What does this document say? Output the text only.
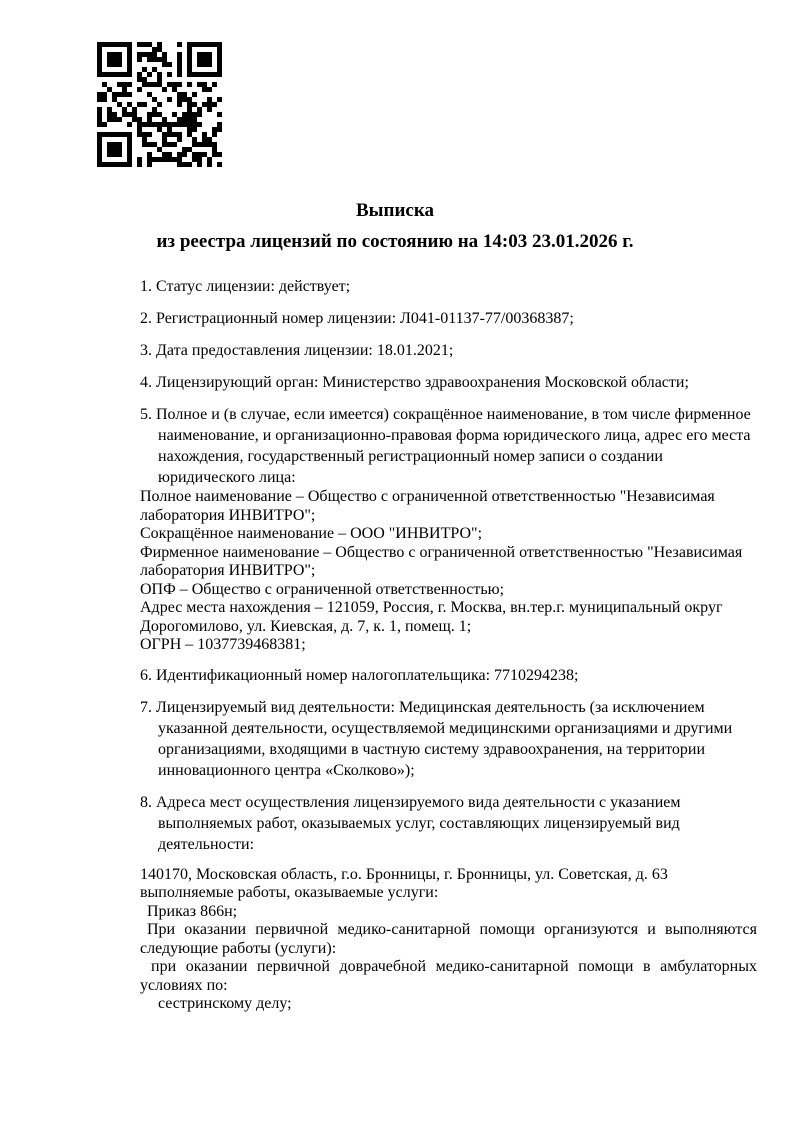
Выписка
из реестра лицензий по состоянию на 14:03 23.01.2026 г.

1. Статус лицензии: действует;

2. Регистрационный номер лицензии: Л041-01137-77/00368387;

3. Дата предоставления лицензии: 18.01.2021;

4. Лицензирующий орган: Министерство здравоохранения Московской области;

5. Полное и (в случае, если имеется) сокращённое наименование, в том числе фирменное наименование, и организационно-правовая форма юридического лица, адрес его места нахождения, государственный регистрационный номер записи о создании юридического лица:

Полное наименование – Общество с ограниченной ответственностью "Независимая лаборатория ИНВИТРО";
Сокращённое наименование – ООО "ИНВИТРО";
Фирменное наименование – Общество с ограниченной ответственностью "Независимая лаборатория ИНВИТРО";
ОПФ – Общество с ограниченной ответственностью;
Адрес места нахождения – 121059, Россия, г. Москва, вн.тер.г. муниципальный округ Дорогомилово, ул. Киевская, д. 7, к. 1, помещ. 1;
ОГРН – 1037739468381;

6. Идентификационный номер налогоплательщика: 7710294238;

7. Лицензируемый вид деятельности: Медицинская деятельность (за исключением указанной деятельности, осуществляемой медицинскими организациями и другими организациями, входящими в частную систему здравоохранения, на территории инновационного центра «Сколково»);

8. Адреса мест осуществления лицензируемого вида деятельности с указанием выполняемых работ, оказываемых услуг, составляющих лицензируемый вид деятельности:

140170, Московская область, г.о. Бронницы, г. Бронницы, ул. Советская, д. 63
выполняемые работы, оказываемые услуги:

Приказ 866н;

При оказании первичной медико-санитарной помощи организуются и выполняются следующие работы (услуги):

при оказании первичной доврачебной медико-санитарной помощи в амбулаторных условиях по:

сестринскому делу;
